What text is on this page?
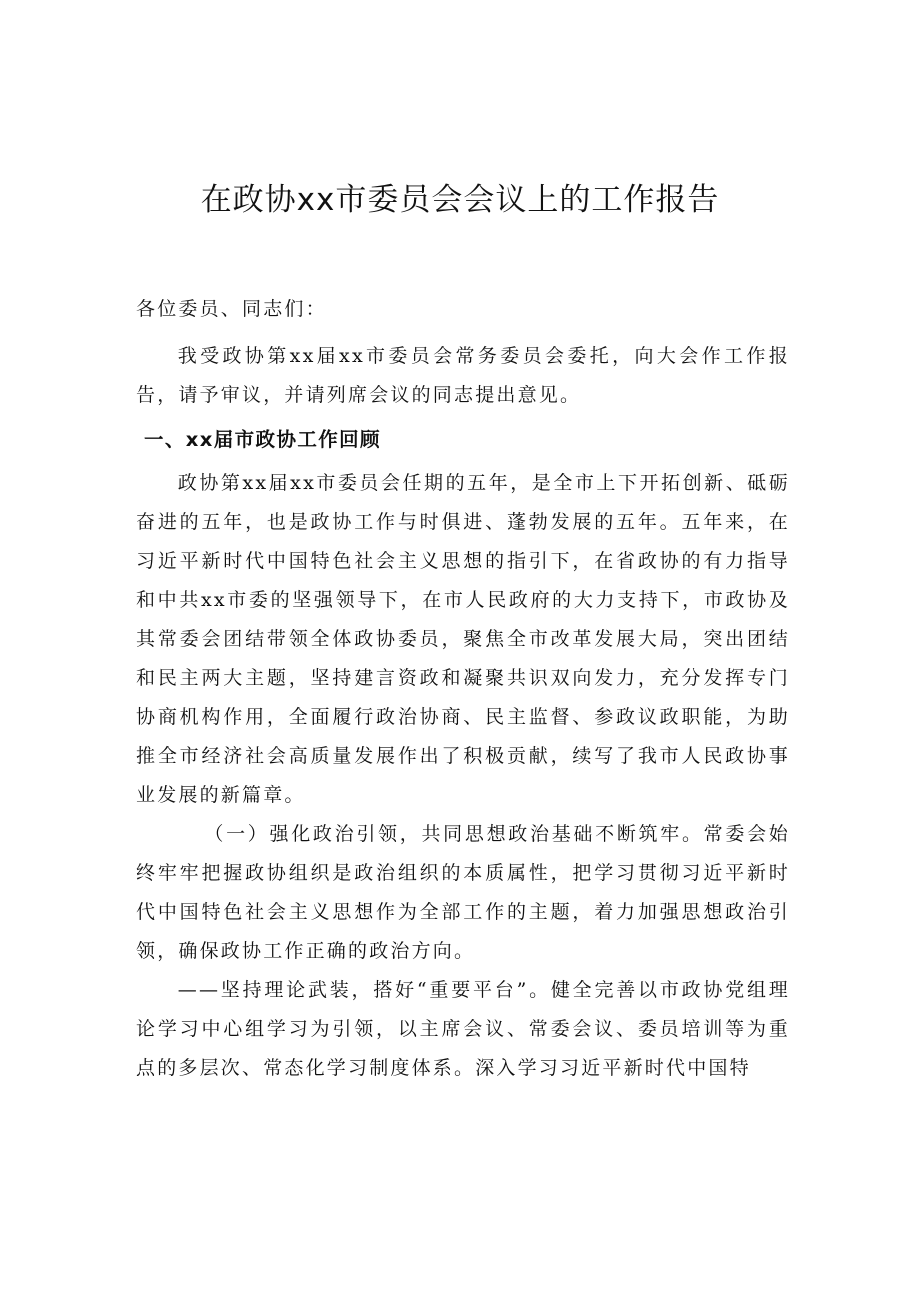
在政协xx市委员会会议上的工作报告

各位委员、同志们：

我受政协第xx届xx市委员会常务委员会委托，向大会作工作报告，请予审议，并请列席会议的同志提出意见。

一、xx届市政协工作回顾

政协第xx届xx市委员会任期的五年，是全市上下开拓创新、砥砺奋进的五年，也是政协工作与时俱进、蓬勃发展的五年。五年来，在习近平新时代中国特色社会主义思想的指引下，在省政协的有力指导和中共xx市委的坚强领导下，在市人民政府的大力支持下，市政协及其常委会团结带领全体政协委员，聚焦全市改革发展大局，突出团结和民主两大主题，坚持建言资政和凝聚共识双向发力，充分发挥专门协商机构作用，全面履行政治协商、民主监督、参政议政职能，为助推全市经济社会高质量发展作出了积极贡献，续写了我市人民政协事业发展的新篇章。

（一）强化政治引领，共同思想政治基础不断筑牢。常委会始终牢牢把握政协组织是政治组织的本质属性，把学习贯彻习近平新时代中国特色社会主义思想作为全部工作的主题，着力加强思想政治引领，确保政协工作正确的政治方向。

——坚持理论武装，搭好“重要平台”。健全完善以市政协党组理论学习中心组学习为引领，以主席会议、常委会议、委员培训等为重点的多层次、常态化学习制度体系。深入学习习近平新时代中国特
